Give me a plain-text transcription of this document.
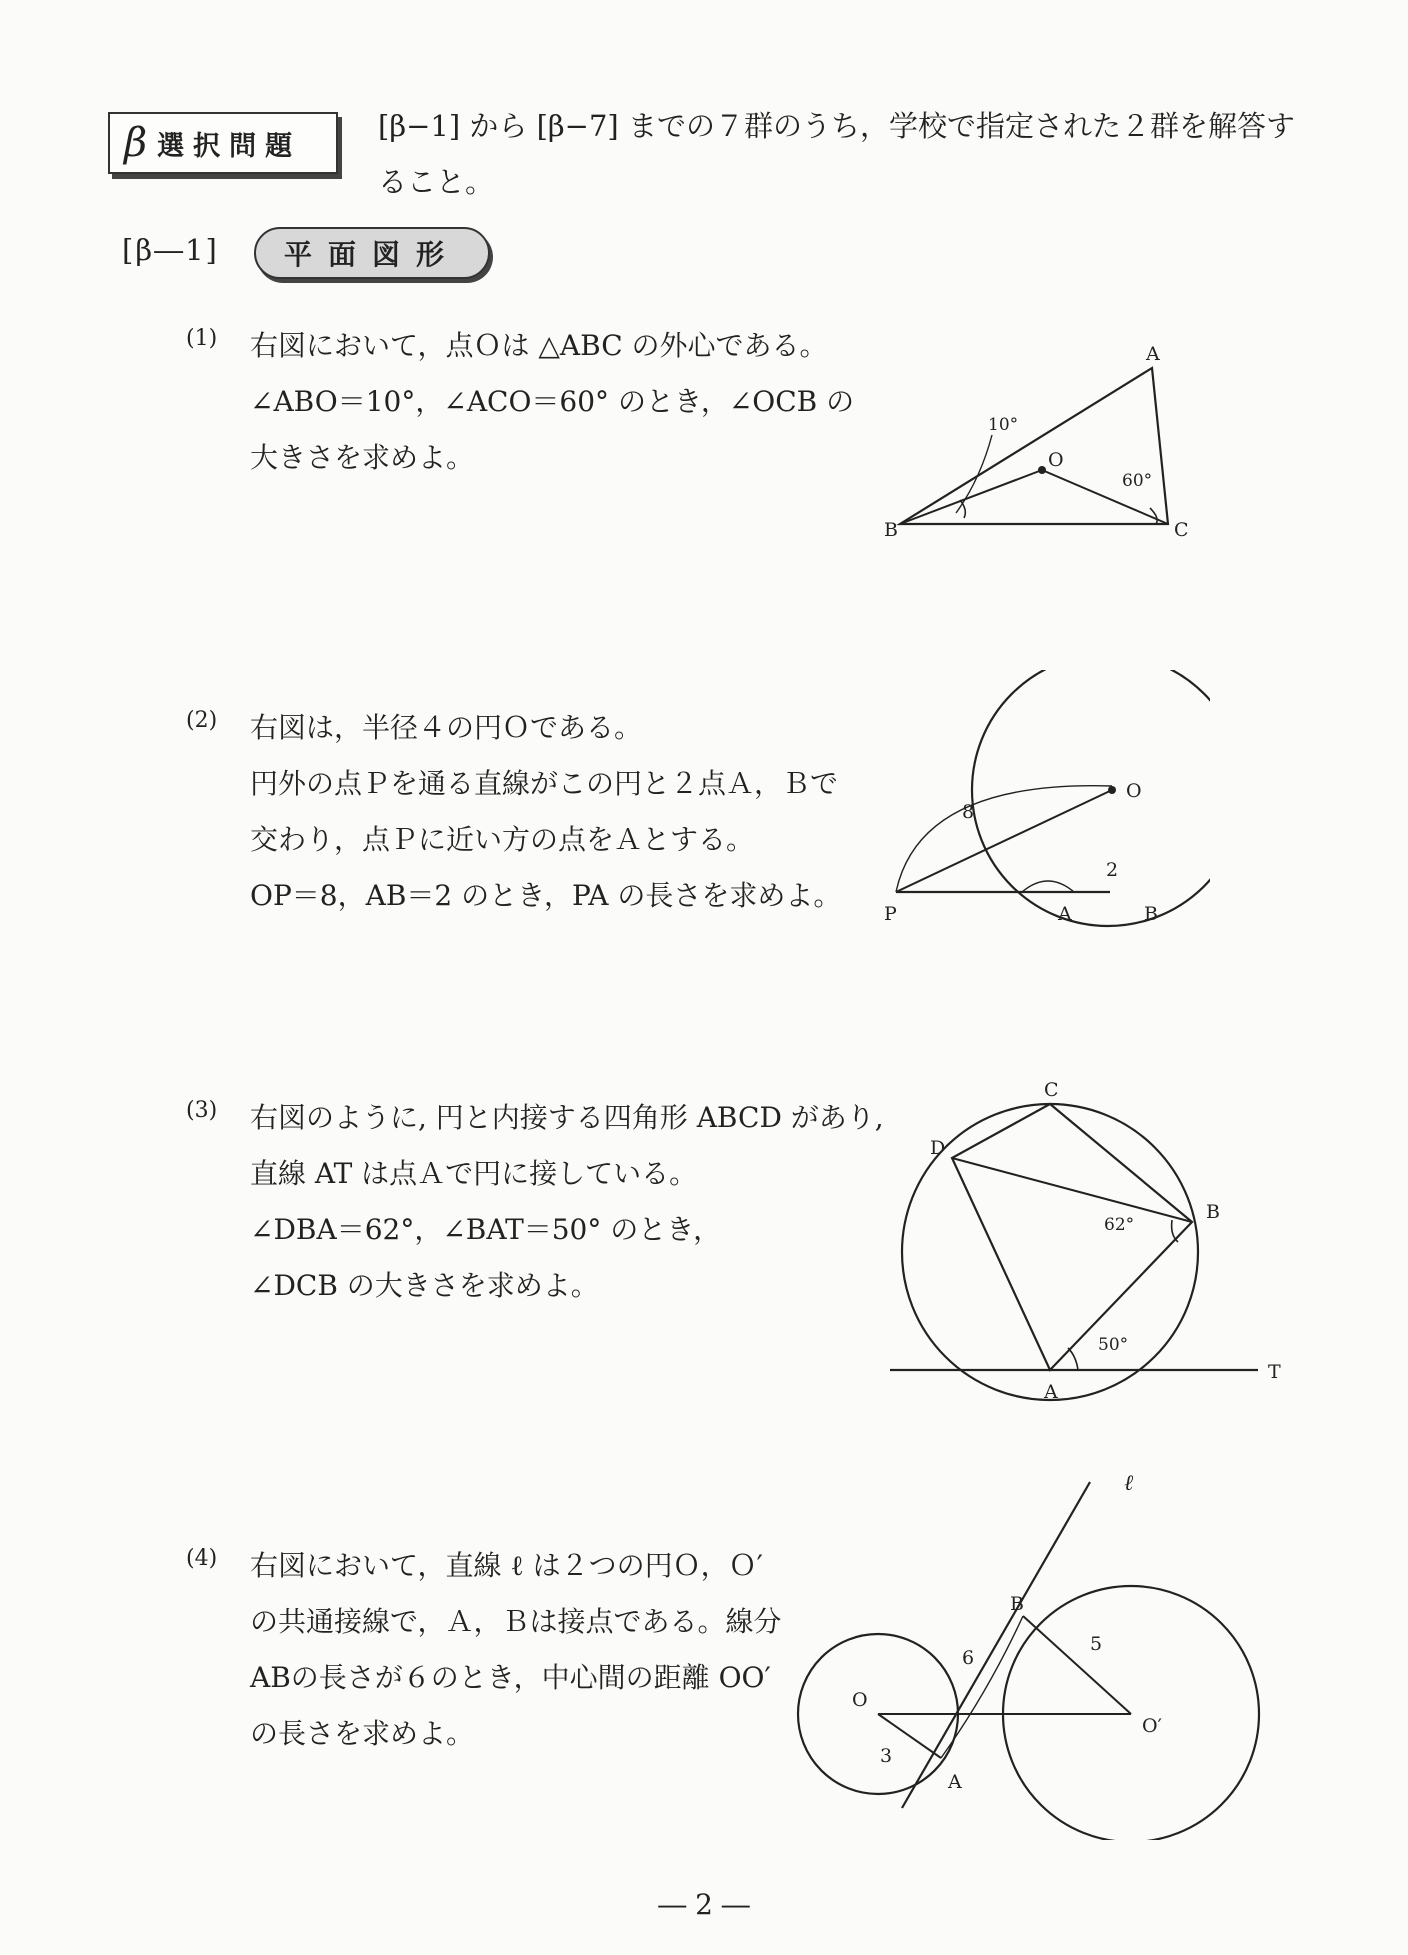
β 選択問題
[β−1] から [β−7] までの７群のうち，学校で指定された２群を解答す
ること。
[β―1] 平面図形
(1) 右図において，点Ｏは △ABC の外心である。
∠ABO＝10°，∠ACO＝60° のとき，∠OCB の
大きさを求めよ。
A
B	C
O
10°
60°
(2) 右図は，半径４の円Ｏである。
円外の点Ｐを通る直線がこの円と２点Ａ，Ｂで
交わり，点Ｐに近い方の点をＡとする。
OP＝8，AB＝2 のとき，PA の長さを求めよ。
O
P	A	B
8
2
(3) 右図のように, 円と内接する四角形 ABCD があり,
直線 AT は点Ａで円に接している。
∠DBA＝62°，∠BAT＝50° のとき，
∠DCB の大きさを求めよ。
C
D
B
A
T
62°
50°
(4) 右図において，直線 ℓ は２つの円Ｏ，Ｏ′
の共通接線で，Ａ，Ｂは接点である。線分
ABの長さが６のとき，中心間の距離 OO′
の長さを求めよ。
ℓ
O
O′
A
B
6
3
5
― 2 ―
